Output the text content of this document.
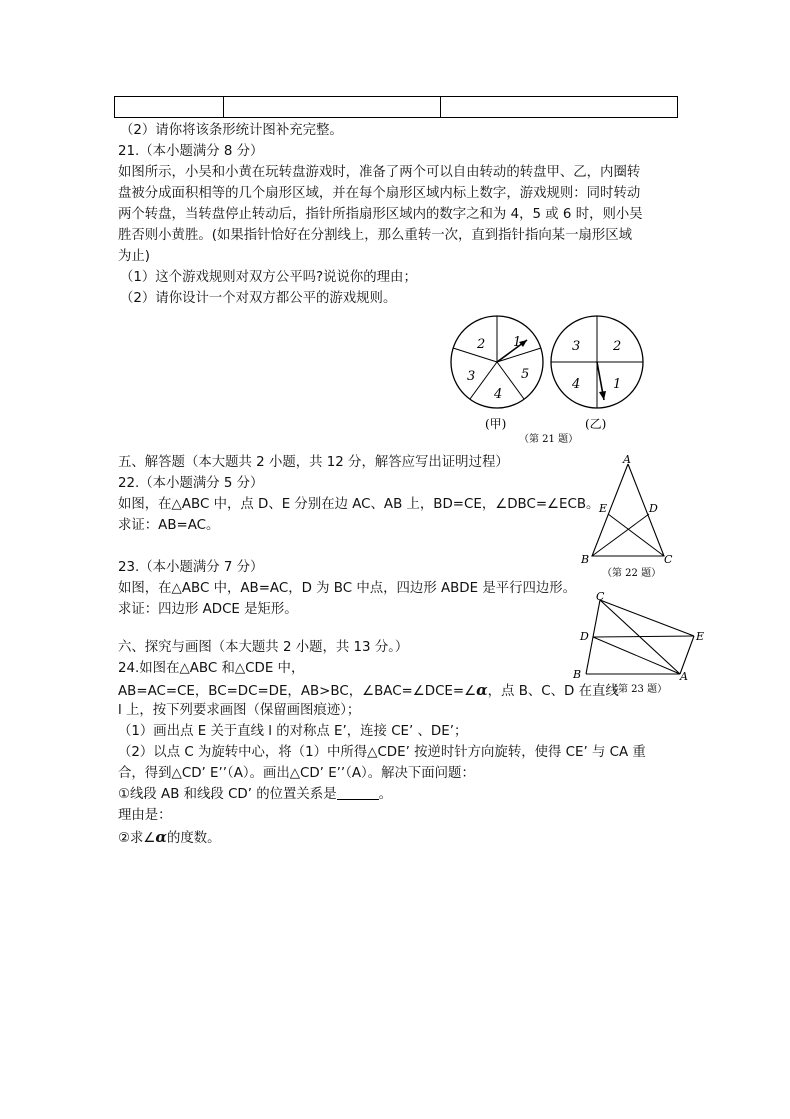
（2）请你将该条形统计图补充完整。
21.（本小题满分 8 分）
如图所示，小吴和小黄在玩转盘游戏时，准备了两个可以自由转动的转盘甲、乙，内圈转
盘被分成面积相等的几个扇形区域，并在每个扇形区域内标上数字，游戏规则：同时转动
两个转盘，当转盘停止转动后，指针所指扇形区域内的数字之和为 4，5 或 6 时，则小吴
胜否则小黄胜。(如果指针恰好在分割线上，那么重转一次，直到指针指向某一扇形区域
为止)
（1）这个游戏规则对双方公平吗?说说你的理由；
（2）请你设计一个对双方都公平的游戏规则。
1
2
3
4
5
(甲)
2
3
4	1
(乙)
（第 21 题）
五、解答题（本大题共 2 小题，共 12 分，解答应写出证明过程）
22.（本小题满分 5 分）
如图，在△ABC 中，点 D、E 分别在边 AC、AB 上，BD=CE，∠DBC=∠ECB。
求证：AB=AC。
A
E	D
B	C
（第 22 题）
23.（本小题满分 7 分）
如图，在△ABC 中，AB=AC，D 为 BC 中点，四边形 ABDE 是平行四边形。
求证：四边形 ADCE 是矩形。
C
D	E
B	A
（第 23 题）
六、探究与画图（本大题共 2 小题，共 13 分。）
24.如图在△ABC 和△CDE 中，
AB=AC=CE，BC=DC=DE，AB>BC，∠BAC=∠DCE=∠α，点 B、C、D 在直线
l 上，按下列要求画图（保留画图痕迹）；
（1）画出点 E 关于直线 l 的对称点 E’，连接 CE’ 、DE’；
（2）以点 C 为旋转中心，将（1）中所得△CDE’ 按逆时针方向旋转，使得 CE’ 与 CA 重
合，得到△CD’ E’’（A）。画出△CD’ E’’（A）。解决下面问题：
①线段 AB 和线段 CD’ 的位置关系是	。
理由是：
②求∠α的度数。
